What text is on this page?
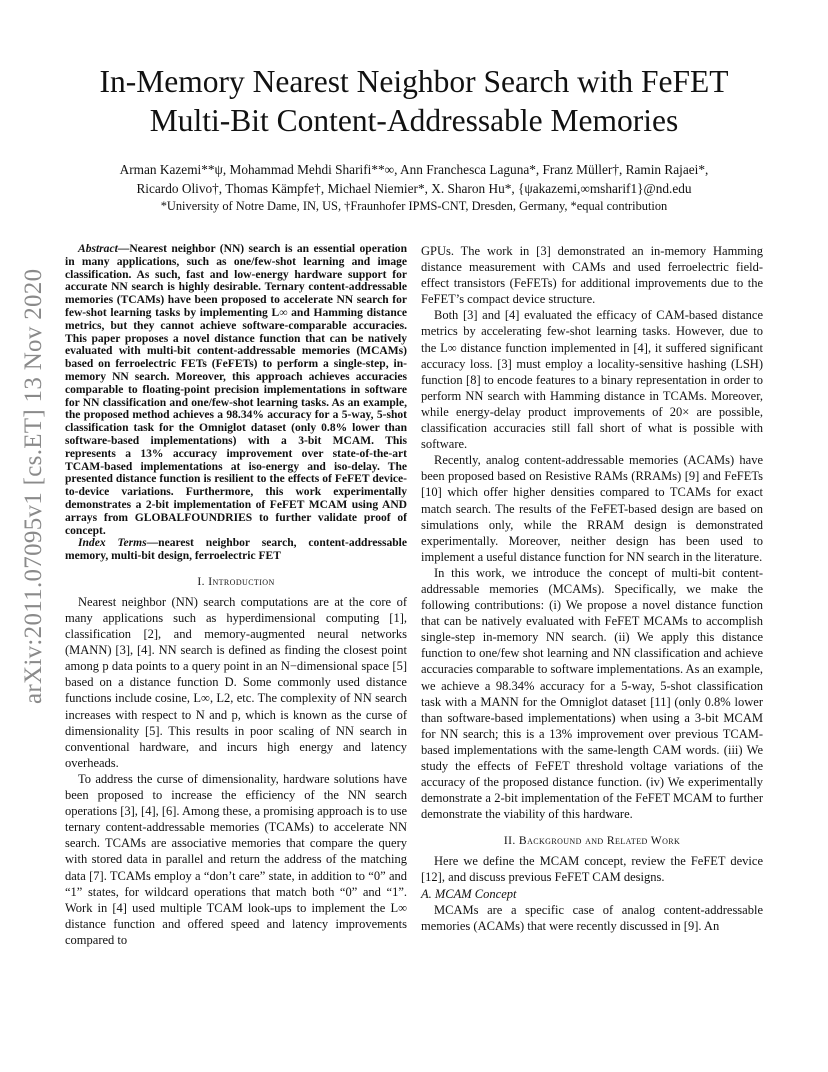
arXiv:2011.07095v1 [cs.ET] 13 Nov 2020
In-Memory Nearest Neighbor Search with FeFET
Multi-Bit Content-Addressable Memories
Arman Kazemi**ψ, Mohammad Mehdi Sharifi**∞, Ann Franchesca Laguna*, Franz Müller†, Ramin Rajaei*,
Ricardo Olivo†, Thomas Kämpfe†, Michael Niemier*, X. Sharon Hu*, {ψakazemi,∞msharif1}@nd.edu
*University of Notre Dame, IN, US, †Fraunhofer IPMS-CNT, Dresden, Germany, *equal contribution

Abstract—Nearest neighbor (NN) search is an essential operation in many applications, such as one/few-shot learning and image classification. As such, fast and low-energy hardware support for accurate NN search is highly desirable. Ternary content-addressable memories (TCAMs) have been proposed to accelerate NN search for few-shot learning tasks by implementing L∞ and Hamming distance metrics, but they cannot achieve software-comparable accuracies. This paper proposes a novel distance function that can be natively evaluated with multi-bit content-addressable memories (MCAMs) based on ferroelectric FETs (FeFETs) to perform a single-step, in-memory NN search. Moreover, this approach achieves accuracies comparable to floating-point precision implementations in software for NN classification and one/few-shot learning tasks. As an example, the proposed method achieves a 98.34% accuracy for a 5-way, 5-shot classification task for the Omniglot dataset (only 0.8% lower than software-based implementations) with a 3-bit MCAM. This represents a 13% accuracy improvement over state-of-the-art TCAM-based implementations at iso-energy and iso-delay. The presented distance function is resilient to the effects of FeFET device-to-device variations. Furthermore, this work experimentally demonstrates a 2-bit implementation of FeFET MCAM using AND arrays from GLOBALFOUNDRIES to further validate proof of concept.

Index Terms—nearest neighbor search, content-addressable memory, multi-bit design, ferroelectric FET

I. Introduction

Nearest neighbor (NN) search computations are at the core of many applications such as hyperdimensional computing [1], classification [2], and memory-augmented neural networks (MANN) [3], [4]. NN search is defined as finding the closest point among p data points to a query point in an N−dimensional space [5] based on a distance function D. Some commonly used distance functions include cosine, L∞, L2, etc. The complexity of NN search increases with respect to N and p, which is known as the curse of dimensionality [5]. This results in poor scaling of NN search in conventional hardware, and incurs high energy and latency overheads.

To address the curse of dimensionality, hardware solutions have been proposed to increase the efficiency of the NN search operations [3], [4], [6]. Among these, a promising approach is to use ternary content-addressable memories (TCAMs) to accelerate NN search. TCAMs are associative memories that compare the query with stored data in parallel and return the address of the matching data [7]. TCAMs employ a “don’t care” state, in addition to “0” and “1” states, for wildcard operations that match both “0” and “1”. Work in [4] used multiple TCAM look-ups to implement the L∞ distance function and offered speed and latency improvements compared to

GPUs. The work in [3] demonstrated an in-memory Hamming distance measurement with CAMs and used ferroelectric field-effect transistors (FeFETs) for additional improvements due to the FeFET’s compact device structure.

Both [3] and [4] evaluated the efficacy of CAM-based distance metrics by accelerating few-shot learning tasks. However, due to the L∞ distance function implemented in [4], it suffered significant accuracy loss. [3] must employ a locality-sensitive hashing (LSH) function [8] to encode features to a binary representation in order to perform NN search with Hamming distance in TCAMs. Moreover, while energy-delay product improvements of 20× are possible, classification accuracies still fall short of what is possible with software.

Recently, analog content-addressable memories (ACAMs) have been proposed based on Resistive RAMs (RRAMs) [9] and FeFETs [10] which offer higher densities compared to TCAMs for exact match search. The results of the FeFET-based design are based on simulations only, while the RRAM design is demonstrated experimentally. Moreover, neither design has been used to implement a useful distance function for NN search in the literature.

In this work, we introduce the concept of multi-bit content-addressable memories (MCAMs). Specifically, we make the following contributions: (i) We propose a novel distance function that can be natively evaluated with FeFET MCAMs to accomplish single-step in-memory NN search. (ii) We apply this distance function to one/few shot learning and NN classification and achieve accuracies comparable to software implementations. As an example, we achieve a 98.34% accuracy for a 5-way, 5-shot classification task with a MANN for the Omniglot dataset [11] (only 0.8% lower than software-based implementations) when using a 3-bit MCAM for NN search; this is a 13% improvement over previous TCAM-based implementations with the same-length CAM words. (iii) We study the effects of FeFET threshold voltage variations of the accuracy of the proposed distance function. (iv) We experimentally demonstrate a 2-bit implementation of the FeFET MCAM to further demonstrate the viability of this hardware.

II. Background and Related Work

Here we define the MCAM concept, review the FeFET device [12], and discuss previous FeFET CAM designs.

A. MCAM Concept

MCAMs are a specific case of analog content-addressable memories (ACAMs) that were recently discussed in [9]. An
